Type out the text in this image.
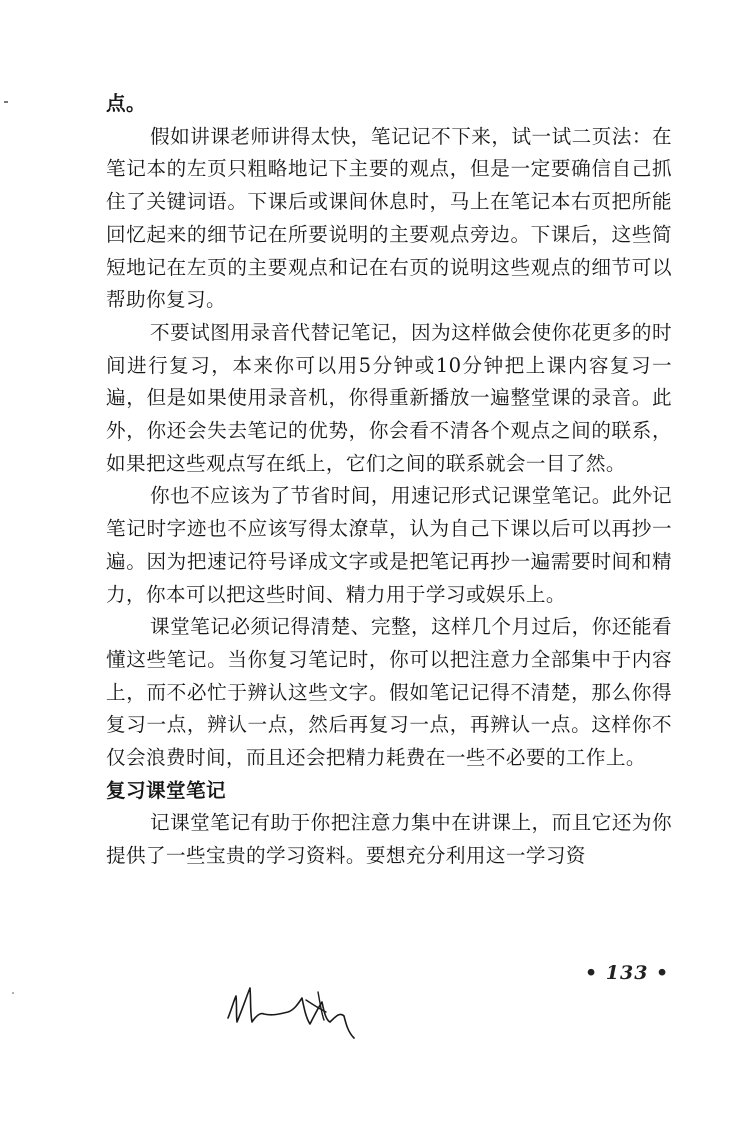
点。

假如讲课老师讲得太快，笔记记不下来，试一试二页法：在笔记本的左页只粗略地记下主要的观点，但是一定要确信自己抓住了关键词语。下课后或课间休息时，马上在笔记本右页把所能回忆起来的细节记在所要说明的主要观点旁边。下课后，这些简短地记在左页的主要观点和记在右页的说明这些观点的细节可以帮助你复习。

不要试图用录音代替记笔记，因为这样做会使你花更多的时间进行复习，本来你可以用5分钟或10分钟把上课内容复习一遍，但是如果使用录音机，你得重新播放一遍整堂课的录音。此外，你还会失去笔记的优势，你会看不清各个观点之间的联系，如果把这些观点写在纸上，它们之间的联系就会一目了然。

你也不应该为了节省时间，用速记形式记课堂笔记。此外记笔记时字迹也不应该写得太潦草，认为自己下课以后可以再抄一遍。因为把速记符号译成文字或是把笔记再抄一遍需要时间和精力，你本可以把这些时间、精力用于学习或娱乐上。

课堂笔记必须记得清楚、完整，这样几个月过后，你还能看懂这些笔记。当你复习笔记时，你可以把注意力全部集中于内容上，而不必忙于辨认这些文字。假如笔记记得不清楚，那么你得复习一点，辨认一点，然后再复习一点，再辨认一点。这样你不仅会浪费时间，而且还会把精力耗费在一些不必要的工作上。

复习课堂笔记

记课堂笔记有助于你把注意力集中在讲课上，而且它还为你提供了一些宝贵的学习资料。要想充分利用这一学习资

• 133 •
